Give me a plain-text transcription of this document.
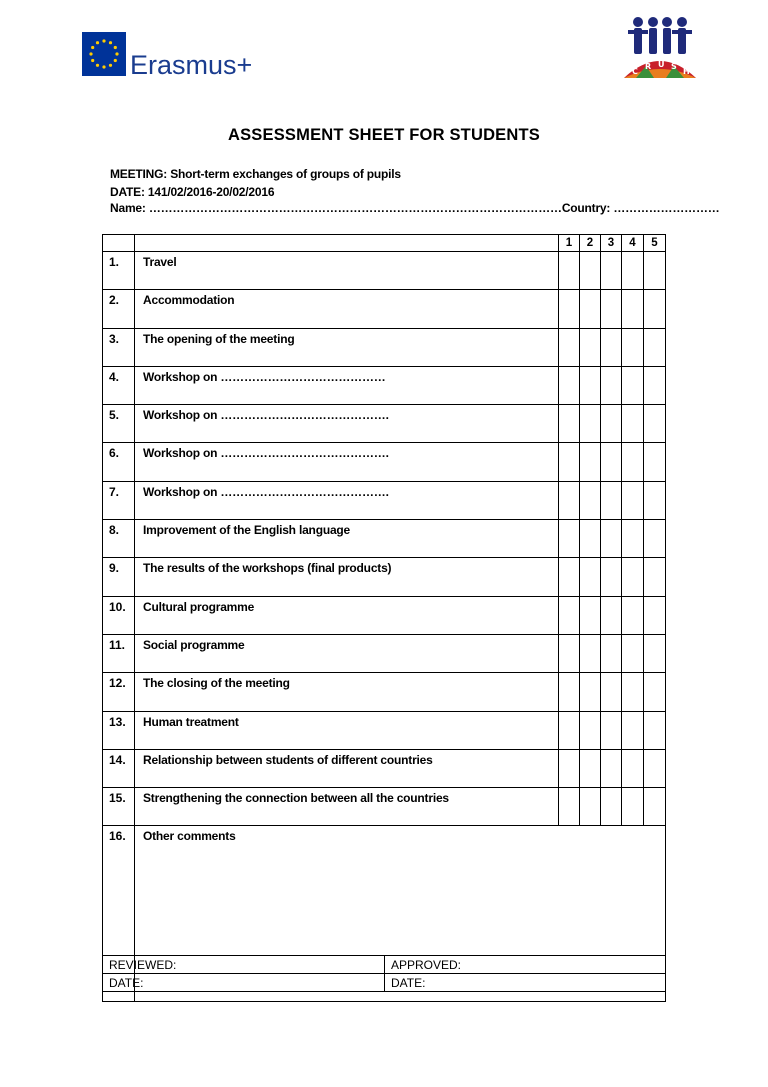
Erasmus+	C
R U S
H
ASSESSMENT SHEET FOR STUDENTS
MEETING: Short-term exchanges of groups of pupils
DATE: 141/02/2016-20/02/2016
Name: ……………………………………………………………………………………………Country: ………………………
		1	2	3	4	5
1.	Travel					
2.	Accommodation					
3.	The opening of the meeting					
4.	Workshop on ……………………………………					
5.	Workshop on …………………………………….					
6.	Workshop on …………………………………….					
7.	Workshop on …………………………………….					
8.	Improvement of the English language					
9.	The results of the workshops (final products)					
10.	Cultural programme					
11.	Social programme					
12.	The closing of the meeting					
13.	Human treatment					
14.	Relationship between students of different countries					
15.	Strengthening the connection between all the countries					
16.	Other comments					
REVIEWED:	APPROVED:
DATE:	DATE:
